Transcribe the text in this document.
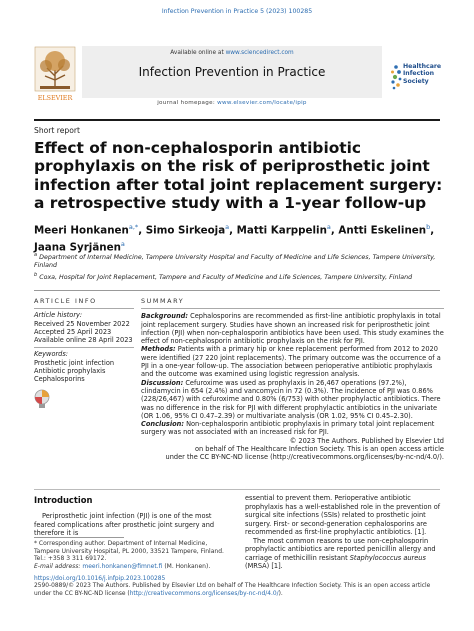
Infection Prevention in Practice 5 (2023) 100285
ELSEVIER
Available online at www.sciencedirect.com
Infection Prevention in Practice
journal homepage: www.elsevier.com/locate/ipip
Healthcare
Infection
Society
Short report
Effect of non-cephalosporin antibiotic prophylaxis on the risk of periprosthetic joint infection after total joint replacement surgery: a retrospective study with a 1-year follow-up
Meeri Honkanen$^{a,*}$, Simo Sirkeoja$^a$, Matti Karppelin$^a$, Antti Eskelinen$^b$, Jaana Syrjänen$^a$
$^a$ Department of Internal Medicine, Tampere University Hospital and Faculty of Medicine and Life Sciences, Tampere University, Finland
$^b$ Coxa, Hospital for Joint Replacement, Tampere and Faculty of Medicine and Life Sciences, Tampere University, Finland
ARTICLE INFO
Article history:
Received 25 November 2022
Accepted 25 April 2023
Available online 28 April 2023
Keywords:
Prosthetic joint infection
Antibiotic prophylaxis
Cephalosporins
SUMMARY

Background: Cephalosporins are recommended as first-line antibiotic prophylaxis in total joint replacement surgery. Studies have shown an increased risk for periprosthetic joint infection (PJI) when non-cephalosporin antibiotics have been used. This study examines the effect of non-cephalosporin antibiotic prophylaxis on the risk for PJI.

Methods: Patients with a primary hip or knee replacement performed from 2012 to 2020 were identified (27 220 joint replacements). The primary outcome was the occurrence of a PJI in a one-year follow-up. The association between perioperative antibiotic prophylaxis and the outcome was examined using logistic regression analysis.

Discussion: Cefuroxime was used as prophylaxis in 26,467 operations (97.2%), clindamycin in 654 (2.4%) and vancomycin in 72 (0.3%). The incidence of PJI was 0.86% (228/26,467) with cefuroxime and 0.80% (6/753) with other prophylactic antibiotics. There was no difference in the risk for PJI with different prophylactic antibiotics in the univariate (OR 1.06, 95% CI 0.47–2.39) or multivariate analysis (OR 1.02, 95% CI 0.45–2.30).

Conclusion: Non-cephalosporin antibiotic prophylaxis in primary total joint replacement surgery was not associated with an increased risk for PJI.

© 2023 The Authors. Published by Elsevier Ltd
on behalf of The Healthcare Infection Society. This is an open access article
under the CC BY-NC-ND license (http://creativecommons.org/licenses/by-nc-nd/4.0/).
Introduction
Periprosthetic joint infection (PJI) is one of the most feared complications after prosthetic joint surgery and therefore it is

essential to prevent them. Perioperative antibiotic prophylaxis has a well-established role in the prevention of surgical site infections (SSIs) related to prosthetic joint surgery. First- or second-generation cephalosporins are recommended as first-line prophylactic antibiotics. [1].

The most common reasons to use non-cephalosporin prophylactic antibiotics are reported penicillin allergy and carriage of methicillin resistant Staphylococcus aureus (MRSA) [1].

* Corresponding author. Department of Internal Medicine, Tampere University Hospital, PL 2000, 33521 Tampere, Finland. Tel.: +358 3 311 69172.
E-mail address: meeri.honkanen@fimnet.fi (M. Honkanen).
https://doi.org/10.1016/j.infpip.2023.100285
2590-0889/© 2023 The Authors. Published by Elsevier Ltd on behalf of The Healthcare Infection Society. This is an open access article under the CC BY-NC-ND license (http://creativecommons.org/licenses/by-nc-nd/4.0/).
